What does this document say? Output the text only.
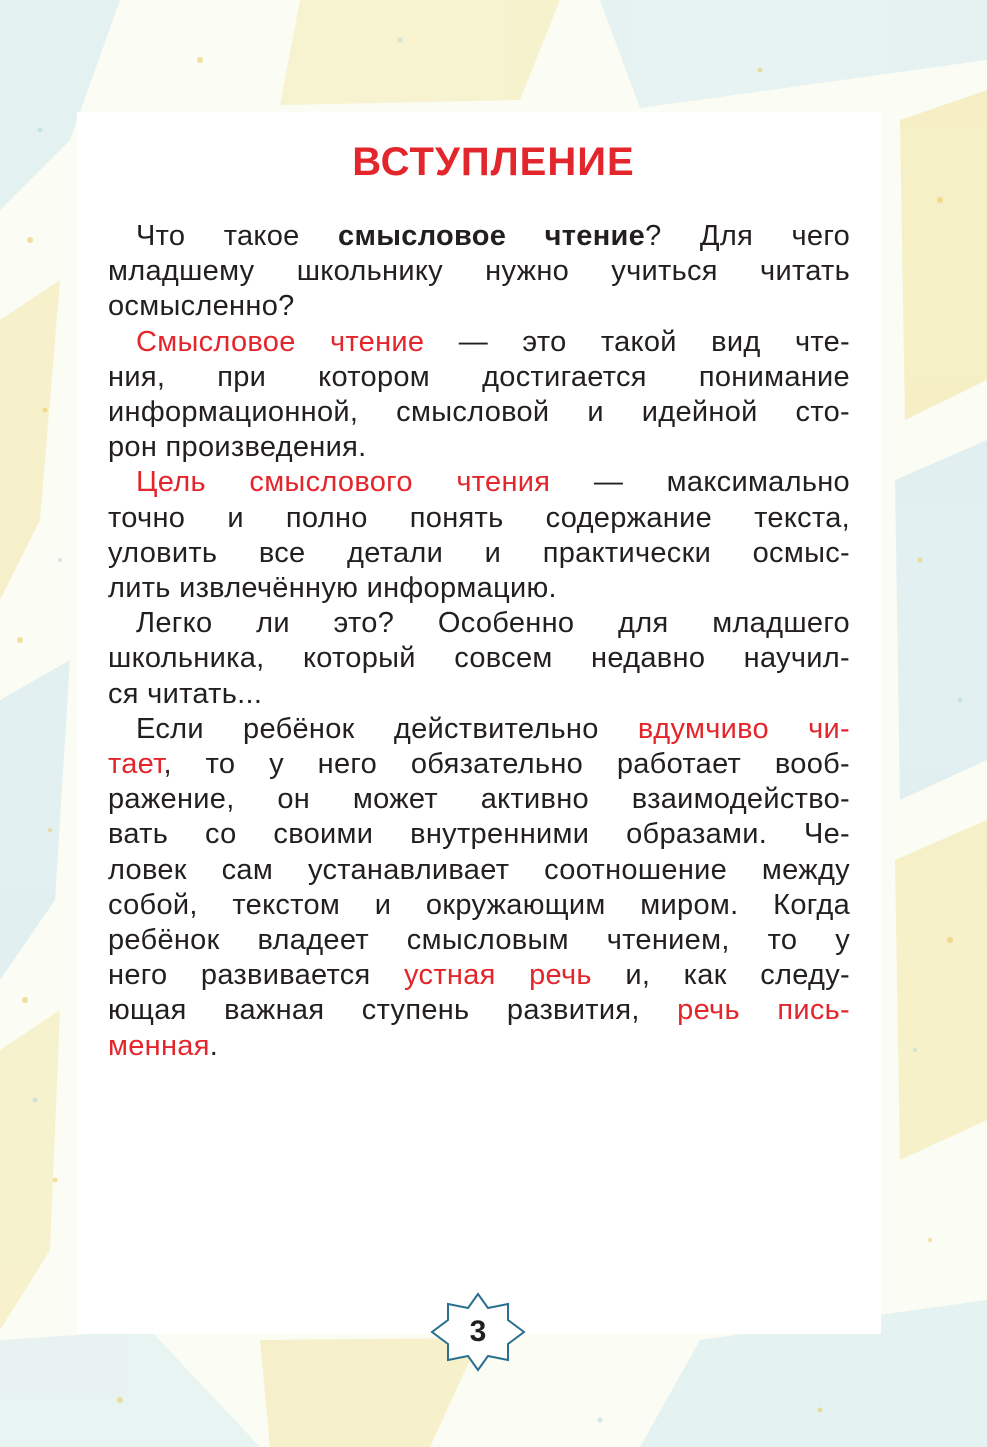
ВСТУПЛЕНИЕ
Что такое смысловое чтение? Для чего
младшему школьнику нужно учиться читать
осмысленно?
Смысловое чтение — это такой вид чте-
ния, при котором достигается понимание
информационной, смысловой и идейной сто-
рон произведения.
Цель смыслового чтения — максимально
точно и полно понять содержание текста,
уловить все детали и практически осмыс-
лить извлечённую информацию.
Легко ли это? Особенно для младшего
школьника, который совсем недавно научил-
ся читать...
Если ребёнок действительно вдумчиво чи-
тает, то у него обязательно работает вооб-
ражение, он может активно взаимодейство-
вать со своими внутренними образами. Че-
ловек сам устанавливает соотношение между
собой, текстом и окружающим миром. Когда
ребёнок владеет смысловым чтением, то у
него развивается устная речь и, как следу-
ющая важная ступень развития, речь пись-
менная.
3
